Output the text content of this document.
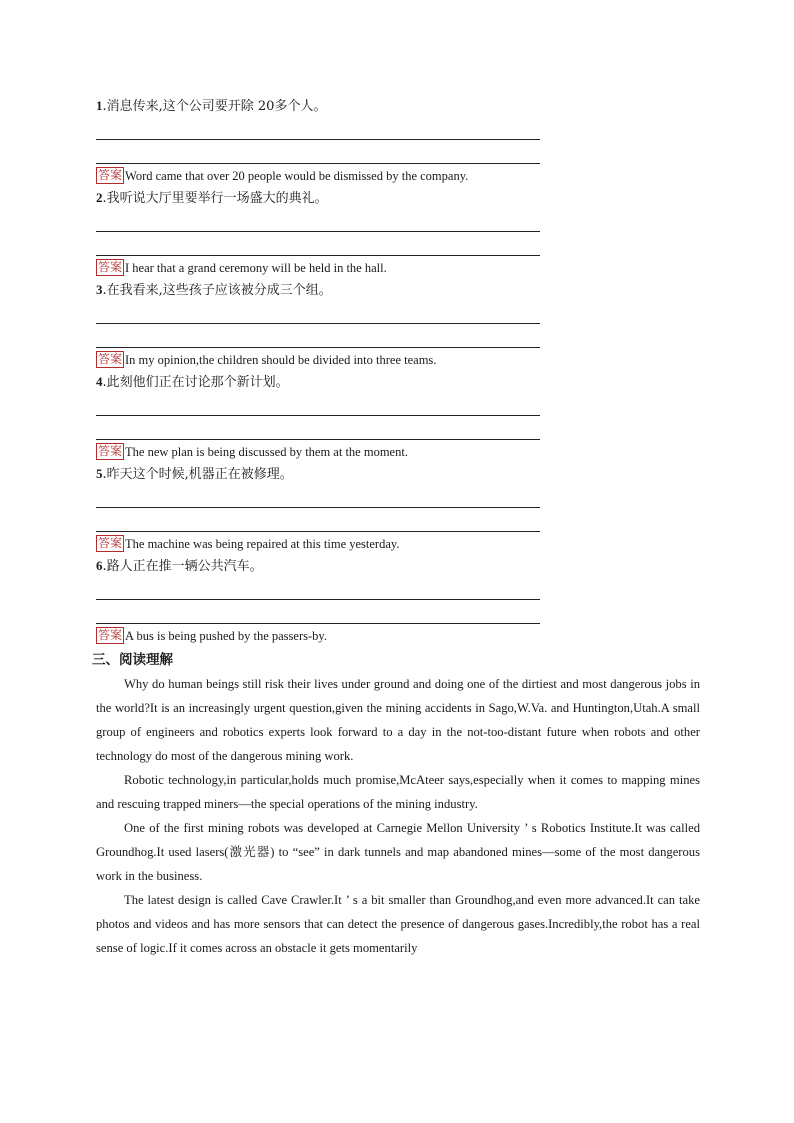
1.消息传来,这个公司要开除 20多个人。
答案 Word came that over 20 people would be dismissed by the company.
2.我听说大厅里要举行一场盛大的典礼。
答案 I hear that a grand ceremony will be held in the hall.
3.在我看来,这些孩子应该被分成三个组。
答案 In my opinion,the children should be divided into three teams.
4.此刻他们正在讨论那个新计划。
答案 The new plan is being discussed by them at the moment.
5.昨天这个时候,机器正在被修理。
答案 The machine was being repaired at this time yesterday.
6.路人正在推一辆公共汽车。
答案 A bus is being pushed by the passers-by.
三、阅读理解

Why do human beings still risk their lives under ground and doing one of the dirtiest and most dangerous jobs in the world?It is an increasingly urgent question,given the mining accidents in Sago,W.Va. and Huntington,Utah.A small group of engineers and robotics experts look forward to a day in the not-too-distant future when robots and other technology do most of the dangerous mining work.

Robotic technology,in particular,holds much promise,McAteer says,especially when it comes to mapping mines and rescuing trapped miners—the special operations of the mining industry.

One of the first mining robots was developed at Carnegie Mellon University ’ s Robotics Institute.It was called Groundhog.It used lasers(激光器) to “see” in dark tunnels and map abandoned mines—some of the most dangerous work in the business.

The latest design is called Cave Crawler.It ’ s a bit smaller than Groundhog,and even more advanced.It can take photos and videos and has more sensors that can detect the presence of dangerous gases.Incredibly,the robot has a real sense of logic.If it comes across an obstacle it gets momentarily
